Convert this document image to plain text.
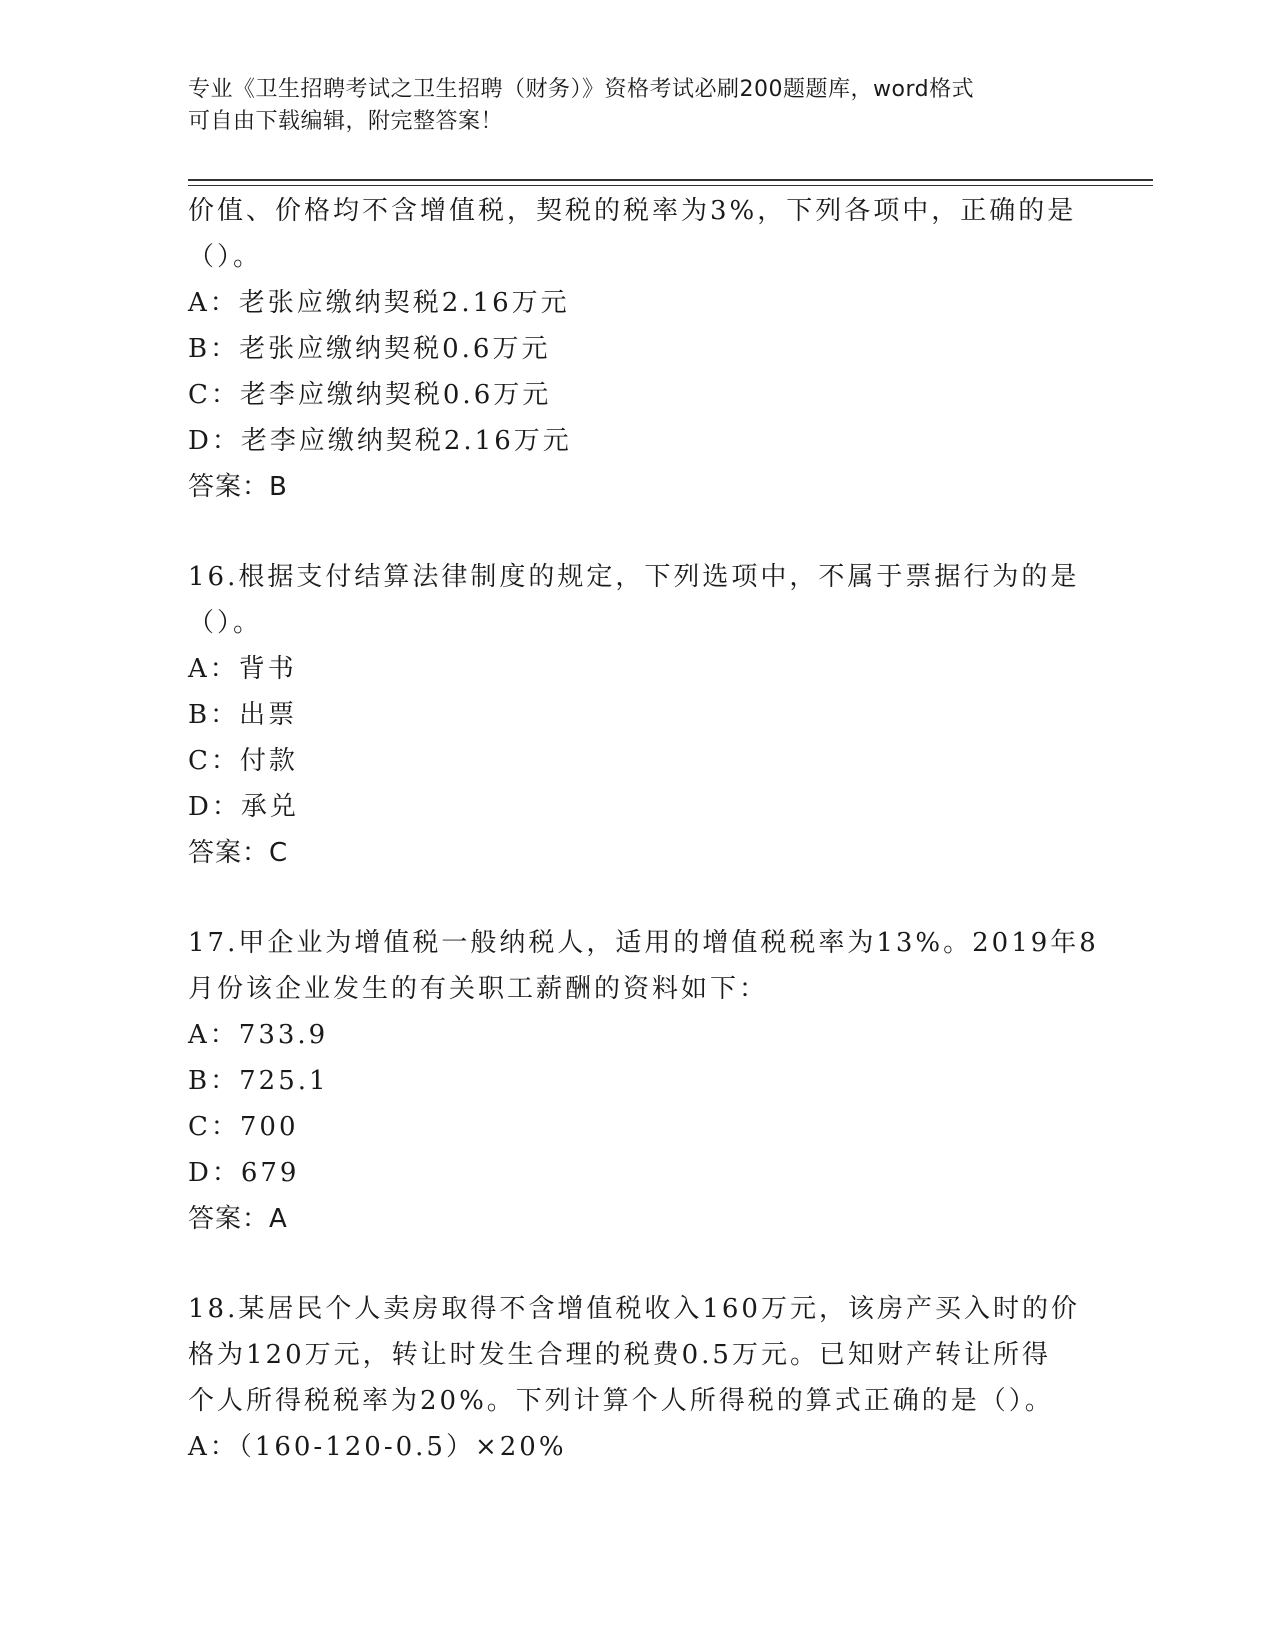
专业《卫生招聘考试之卫生招聘（财务）》资格考试必刷200题题库，word格式
可自由下载编辑，附完整答案！
价值、价格均不含增值税，契税的税率为3%，下列各项中，正确的是
（）。
A：老张应缴纳契税2.16万元
B：老张应缴纳契税0.6万元
C：老李应缴纳契税0.6万元
D：老李应缴纳契税2.16万元
答案：B
16.根据支付结算法律制度的规定，下列选项中，不属于票据行为的是
（）。
A：背书
B：出票
C：付款
D：承兑
答案：C
17.甲企业为增值税一般纳税人，适用的增值税税率为13%。2019年8
月份该企业发生的有关职工薪酬的资料如下：
A：733.9
B：725.1
C：700
D：679
答案：A
18.某居民个人卖房取得不含增值税收入160万元，该房产买入时的价
格为120万元，转让时发生合理的税费0.5万元。已知财产转让所得
个人所得税税率为20%。下列计算个人所得税的算式正确的是（）。
A：（160-120-0.5）×20%
